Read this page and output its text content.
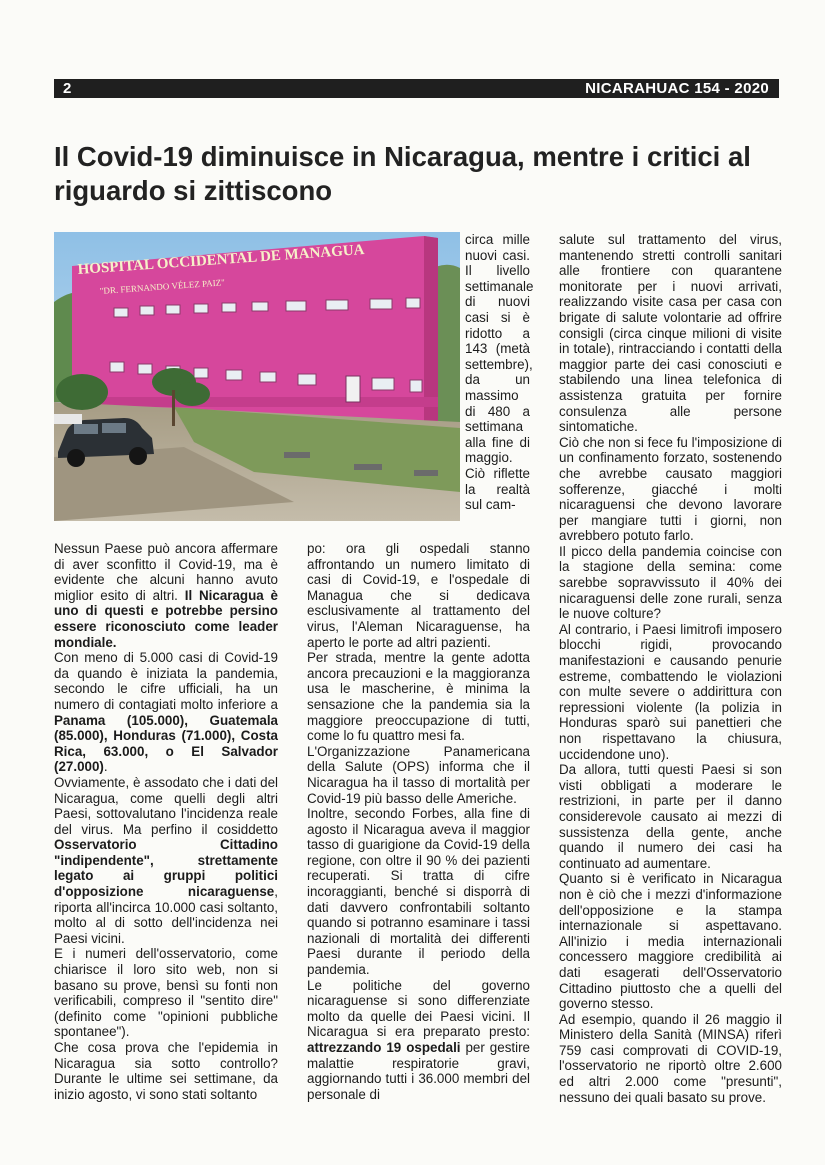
2	NICARAHUAC 154 - 2020
Il Covid-19 diminuisce in Nicaragua, mentre i critici al riguardo si zittiscono
HOSPITAL OCCIDENTAL DE MANAGUA
"DR. FERNANDO VÉLEZ PAIZ"

Nessun Paese può ancora affermare di aver sconfitto il Covid-19, ma è evidente che alcuni hanno avuto miglior esito di altri. Il Nicaragua è uno di questi e potrebbe persino essere riconosciuto come leader mondiale.

Con meno di 5.000 casi di Covid-19 da quando è iniziata la pandemia, secondo le cifre ufficiali, ha un numero di contagiati molto inferiore a Panama (105.000), Guatemala (85.000), Honduras (71.000), Costa Rica, 63.000, o El Salvador (27.000).

Ovviamente, è assodato che i dati del Nicaragua, come quelli degli altri Paesi, sottovalutano l'incidenza reale del virus. Ma perfino il cosiddetto Osservatorio Cittadino "indipendente", strettamente legato ai gruppi politici d'opposizione nicaraguense, riporta all'incirca 10.000 casi soltanto, molto al di sotto dell'incidenza nei Paesi vicini.

E i numeri dell'osservatorio, come chiarisce il loro sito web, non si basano su prove, bensì su fonti non verificabili, compreso il "sentito dire" (definito come "opinioni pubbliche spontanee").

Che cosa prova che l'epidemia in Nicaragua sia sotto controllo? Durante le ultime sei settimane, da inizio agosto, vi sono stati soltanto

circa mille nuovi casi. Il livello settimanale di nuovi casi si è ridotto a 143 (metà settembre), da un massimo di 480 a settimana alla fine di maggio. Ciò riflette la realtà sul cam-

po: ora gli ospedali stanno affrontando un numero limitato di casi di Covid-19, e l'ospedale di Managua che si dedicava esclusivamente al trattamento del virus, l'Aleman Nicaraguense, ha aperto le porte ad altri pazienti.

Per strada, mentre la gente adotta ancora precauzioni e la maggioranza usa le mascherine, è minima la sensazione che la pandemia sia la maggiore preoccupazione di tutti, come lo fu quattro mesi fa.

L'Organizzazione Panamericana della Salute (OPS) informa che il Nicaragua ha il tasso di mortalità per Covid-19 più basso delle Americhe.

Inoltre, secondo Forbes, alla fine di agosto il Nicaragua aveva il maggior tasso di guarigione da Covid-19 della regione, con oltre il 90 % dei pazienti recuperati. Si tratta di cifre incoraggianti, benché si disporrà di dati davvero confrontabili soltanto quando si potranno esaminare i tassi nazionali di mortalità dei differenti Paesi durante il periodo della pandemia.

Le politiche del governo nicaraguense si sono differenziate molto da quelle dei Paesi vicini. Il Nicaragua si era preparato presto: attrezzando 19 ospedali per gestire malattie respiratorie gravi, aggiornando tutti i 36.000 membri del personale di

salute sul trattamento del virus, mantenendo stretti controlli sanitari alle frontiere con quarantene monitorate per i nuovi arrivati, realizzando visite casa per casa con brigate di salute volontarie ad offrire consigli (circa cinque milioni di visite in totale), rintracciando i contatti della maggior parte dei casi conosciuti e stabilendo una linea telefonica di assistenza gratuita per fornire consulenza alle persone sintomatiche.

Ciò che non si fece fu l'imposizione di un confinamento forzato, sostenendo che avrebbe causato maggiori sofferenze, giacché i molti nicaraguensi che devono lavorare per mangiare tutti i giorni, non avrebbero potuto farlo.

Il picco della pandemia coincise con la stagione della semina: come sarebbe sopravvissuto il 40% dei nicaraguensi delle zone rurali, senza le nuove colture?

Al contrario, i Paesi limitrofi imposero blocchi rigidi, provocando manifestazioni e causando penurie estreme, combattendo le violazioni con multe severe o addirittura con repressioni violente (la polizia in Honduras sparò sui panettieri che non rispettavano la chiusura, uccidendone uno).

Da allora, tutti questi Paesi si son visti obbligati a moderare le restrizioni, in parte per il danno considerevole causato ai mezzi di sussistenza della gente, anche quando il numero dei casi ha continuato ad aumentare.

Quanto si è verificato in Nicaragua non è ciò che i mezzi d'informazione dell'opposizione e la stampa internazionale si aspettavano. All'inizio i media internazionali concessero maggiore credibilità ai dati esagerati dell'Osservatorio Cittadino piuttosto che a quelli del governo stesso.

Ad esempio, quando il 26 maggio il Ministero della Sanità (MINSA) riferì 759 casi comprovati di COVID-19, l'osservatorio ne riportò oltre 2.600 ed altri 2.000 come "presunti", nessuno dei quali basato su prove.
